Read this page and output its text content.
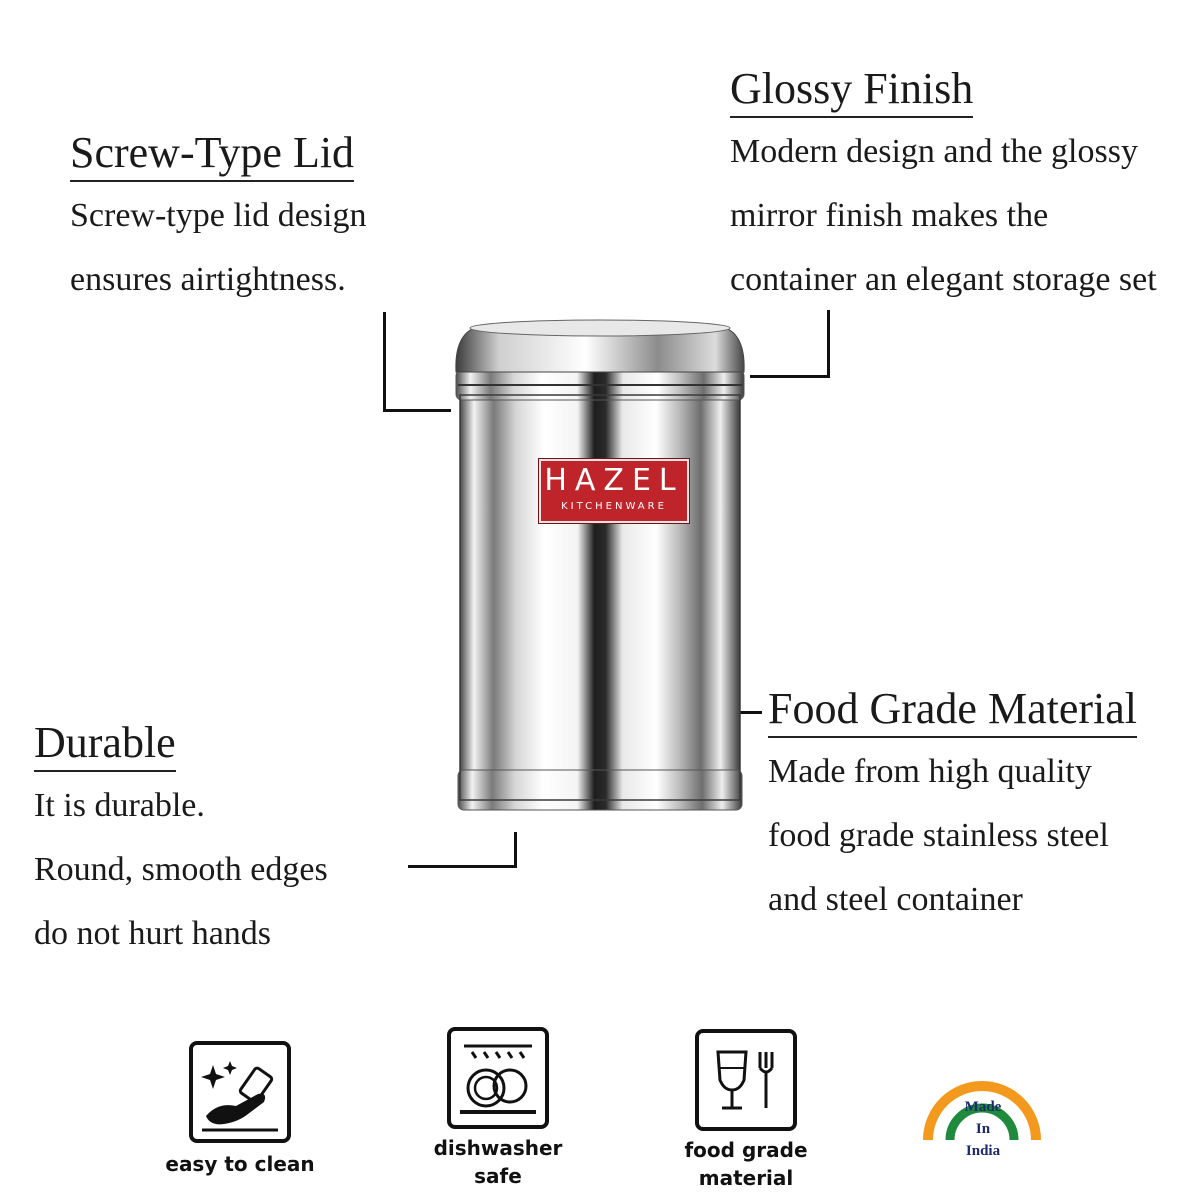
Screw-Type Lid
Screw-type lid design
ensures airtightness.
Glossy Finish
Modern design and the glossy
mirror finish makes the
container an elegant storage set
Durable
It is durable.
Round, smooth edges
do not hurt hands
Food Grade Material
Made from high quality
food grade stainless steel
and steel container
HAZEL
KITCHENWARE
easy to clean
dishwasher
safe
food grade
material
Made
In
India
